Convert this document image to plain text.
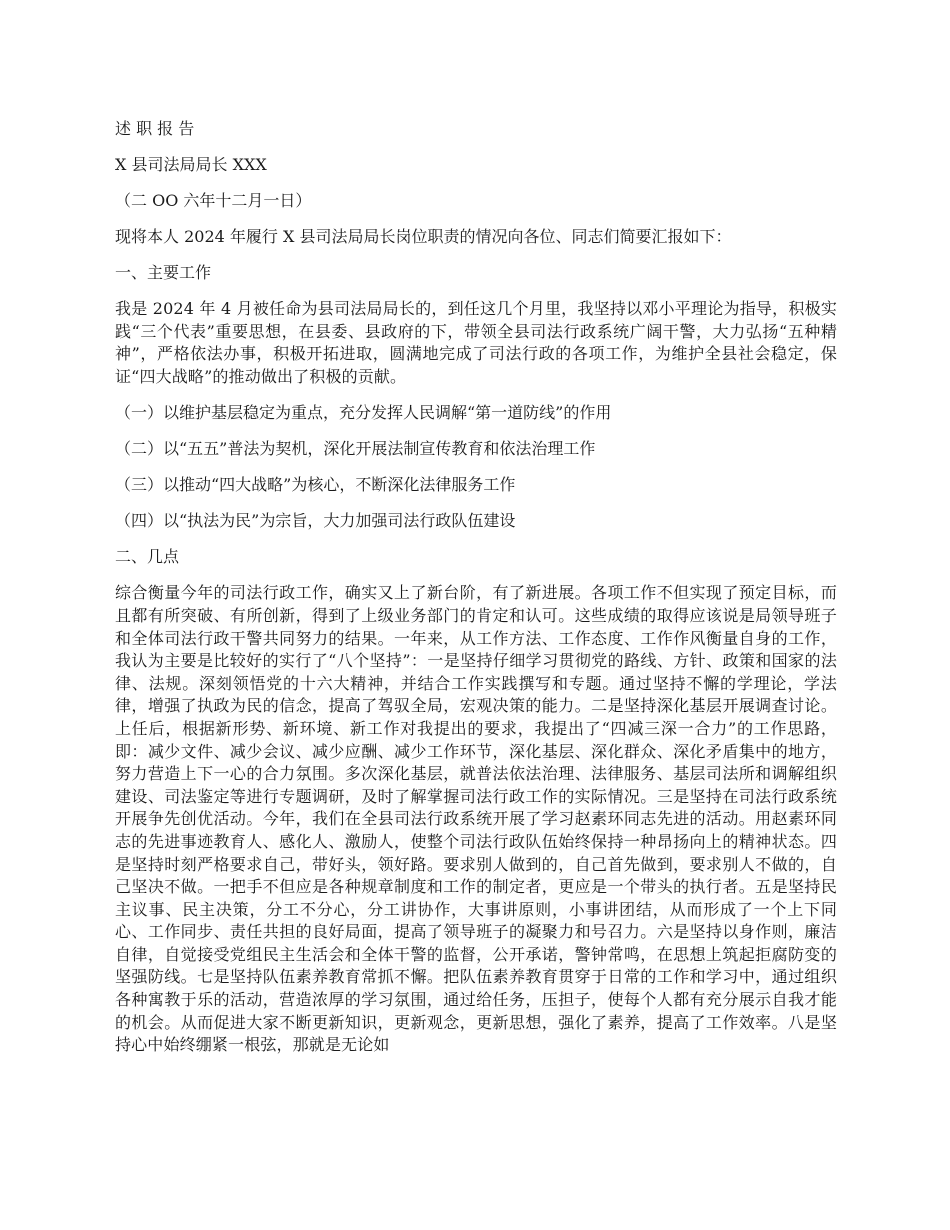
述 职 报 告

X 县司法局局长 XXX

（二 OO 六年十二月一日）

现将本人 2024 年履行 X 县司法局局长岗位职责的情况向各位、同志们简要汇报如下：

一、主要工作

我是 2024 年 4 月被任命为县司法局局长的，到任这几个月里，我坚持以邓小平理论为指导，积极实践“三个代表”重要思想，在县委、县政府的下，带领全县司法行政系统广阔干警，大力弘扬“五种精神”，严格依法办事，积极开拓进取，圆满地完成了司法行政的各项工作，为维护全县社会稳定，保证“四大战略”的推动做出了积极的贡献。

（一）以维护基层稳定为重点，充分发挥人民调解“第一道防线”的作用

（二）以“五五”普法为契机，深化开展法制宣传教育和依法治理工作

（三）以推动“四大战略”为核心，不断深化法律服务工作

（四）以“执法为民”为宗旨，大力加强司法行政队伍建设

二、几点

综合衡量今年的司法行政工作，确实又上了新台阶，有了新进展。各项工作不但实现了预定目标，而且都有所突破、有所创新，得到了上级业务部门的肯定和认可。这些成绩的取得应该说是局领导班子和全体司法行政干警共同努力的结果。一年来，从工作方法、工作态度、工作作风衡量自身的工作，我认为主要是比较好的实行了“八个坚持”：一是坚持仔细学习贯彻党的路线、方针、政策和国家的法律、法规。深刻领悟党的十六大精神，并结合工作实践撰写和专题。通过坚持不懈的学理论，学法律，增强了执政为民的信念，提高了驾驭全局，宏观决策的能力。二是坚持深化基层开展调查讨论。上任后，根据新形势、新环境、新工作对我提出的要求，我提出了“四减三深一合力”的工作思路，即：减少文件、减少会议、减少应酬、减少工作环节，深化基层、深化群众、深化矛盾集中的地方，努力营造上下一心的合力氛围。多次深化基层，就普法依法治理、法律服务、基层司法所和调解组织建设、司法鉴定等进行专题调研，及时了解掌握司法行政工作的实际情况。三是坚持在司法行政系统开展争先创优活动。今年，我们在全县司法行政系统开展了学习赵素环同志先进的活动。用赵素环同志的先进事迹教育人、感化人、激励人，使整个司法行政队伍始终保持一种昂扬向上的精神状态。四是坚持时刻严格要求自己，带好头，领好路。要求别人做到的，自己首先做到，要求别人不做的，自己坚决不做。一把手不但应是各种规章制度和工作的制定者，更应是一个带头的执行者。五是坚持民主议事、民主决策，分工不分心，分工讲协作，大事讲原则，小事讲团结，从而形成了一个上下同心、工作同步、责任共担的良好局面，提高了领导班子的凝聚力和号召力。六是坚持以身作则，廉洁自律，自觉接受党组民主生活会和全体干警的监督，公开承诺，警钟常鸣，在思想上筑起拒腐防变的坚强防线。七是坚持队伍素养教育常抓不懈。把队伍素养教育贯穿于日常的工作和学习中，通过组织各种寓教于乐的活动，营造浓厚的学习氛围，通过给任务，压担子，使每个人都有充分展示自我才能的机会。从而促进大家不断更新知识，更新观念，更新思想，强化了素养，提高了工作效率。八是坚持心中始终绷紧一根弦，那就是无论如
